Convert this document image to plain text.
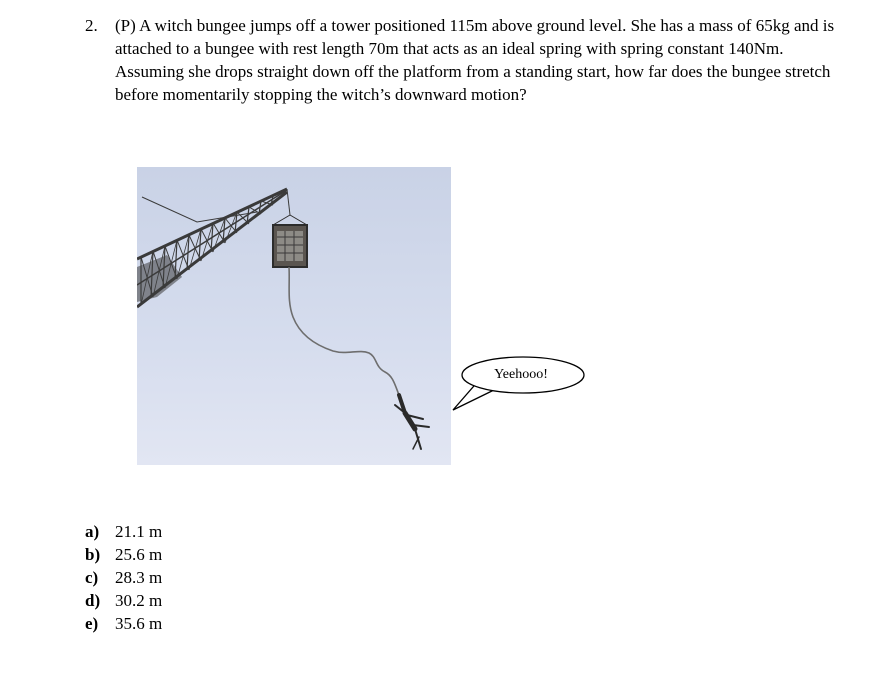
2.	(P) A witch bungee jumps off a tower positioned 115m above ground level. She has a mass of 65kg and is attached to a bungee with rest length 70m that acts as an ideal spring with spring constant 140Nm. Assuming she drops straight down off the platform from a standing start, how far does the bungee stretch before momentarily stopping the witch’s downward motion?
Yeehooo!
a) 21.1 m
b) 25.6 m
c) 28.3 m
d) 30.2 m
e) 35.6 m
